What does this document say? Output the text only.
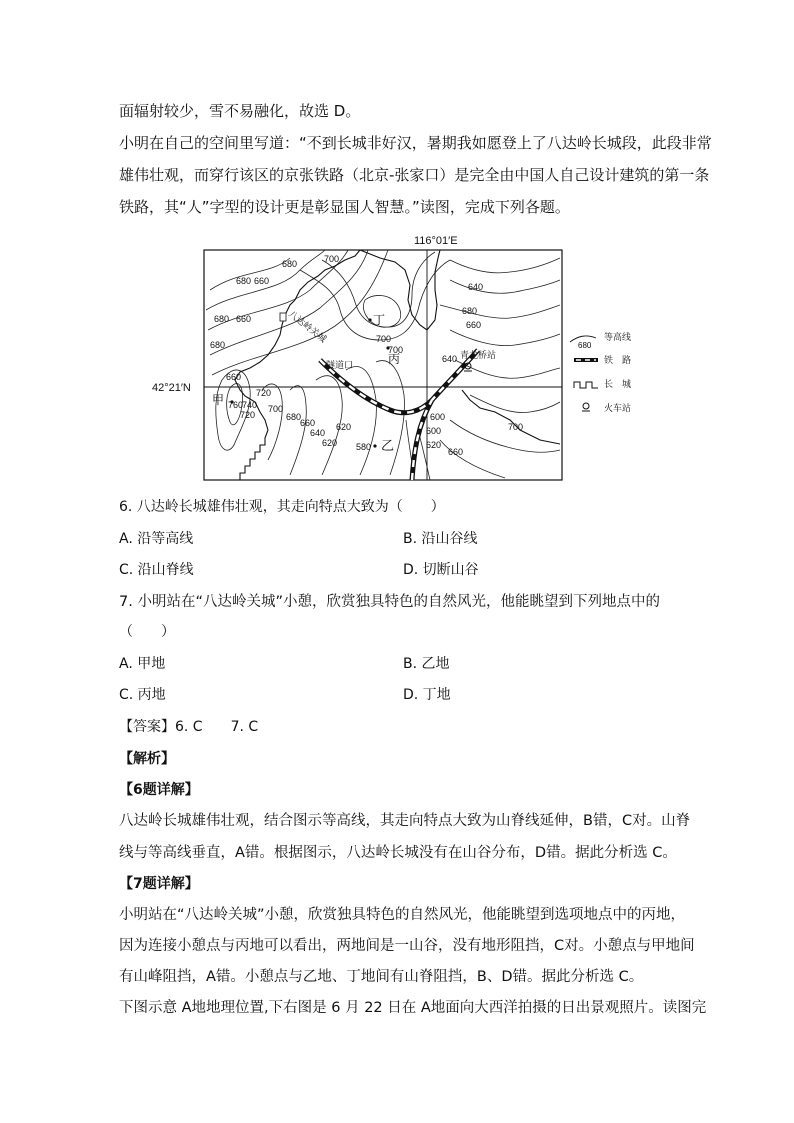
面辐射较少，雪不易融化，故选 D。
小明在自己的空间里写道：“不到长城非好汉，暑期我如愿登上了八达岭长城段，此段非常
雄伟壮观，而穿行该区的京张铁路（北京-张家口）是完全由中国人自己设计建筑的第一条
铁路，其“人”字型的设计更是彰显国人智慧。”读图，完成下列各题。
116°01′E
42°21′N
甲
乙
丙
丁
八达岭关城
隧道口
青龙桥站
680	700
680 660
680 660
680
660
700
720
740
760
720
700
680
660
640
620 580
600
620
640
660
680
700
640
600
620
660
700
680
等高线
铁　路
长　城
火车站
6. 八达岭长城雄伟壮观，其走向特点大致为（　　）
A. 沿等高线	B. 沿山谷线
C. 沿山脊线	D. 切断山谷
7. 小明站在“八达岭关城”小憩，欣赏独具特色的自然风光，他能眺望到下列地点中的
（　　）
A. 甲地	B. 乙地
C. 丙地	D. 丁地
【答案】6. C　　7. C
【解析】
【6题详解】
八达岭长城雄伟壮观，结合图示等高线，其走向特点大致为山脊线延伸，B错，C对。山脊
线与等高线垂直，A错。根据图示，八达岭长城没有在山谷分布，D错。据此分析选 C。
【7题详解】
小明站在“八达岭关城”小憩，欣赏独具特色的自然风光，他能眺望到选项地点中的丙地，
因为连接小憩点与丙地可以看出，两地间是一山谷，没有地形阻挡，C对。小憩点与甲地间
有山峰阻挡，A错。小憩点与乙地、丁地间有山脊阻挡，B、D错。据此分析选 C。
下图示意 A地地理位置,下右图是 6 月 22 日在 A地面向大西洋拍摄的日出景观照片。读图完
